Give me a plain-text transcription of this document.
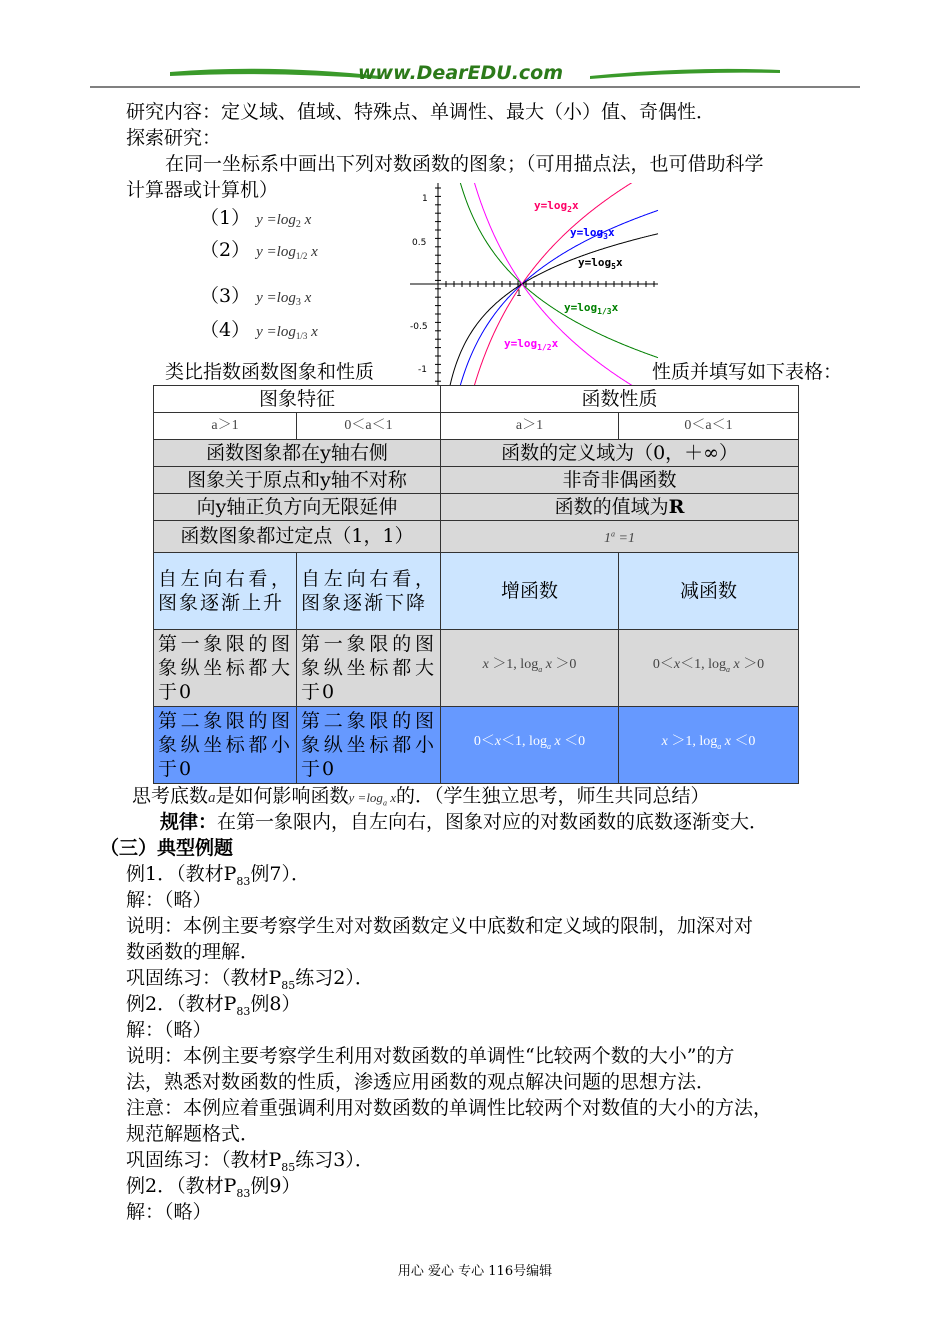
www.DearEDU.com
研究内容：定义域、值域、特殊点、单调性、最大（小）值、奇偶性．
探索研究：
在同一坐标系中画出下列对数函数的图象；（可用描点法，也可借助科学
计算器或计算机）
（1） $y =\log_2$ x
（2） $y =\log_{1/2}$ x
（3） $y =\log_3$ x
（4） $y =\log_{1/3}$ x
1
0.5
-0.5
-1
1
$y=\log_2x$
$y=\log_3x$
$y=\log_5x$
$y=\log_{1/3}x$
$y=\log_{1/2}x$
类比指数函数图象和性质	性质并填写如下表格：
图象特征		函数性质	
a＞1	0＜a＜1	a＞1	0＜a＜1
函数图象都在y轴右侧		函数的定义域为（0，＋∞）	
图象关于原点和y轴不对称		非奇非偶函数	
向y轴正负方向无限延伸		函数的值域为R	
函数图象都过定点（1，1）		$1^a =1$	
自左向右看，图象逐渐上升	自左向右看，图象逐渐下降	增函数	减函数
第一象限的图象纵坐标都大于0	第一象限的图象纵坐标都大于0	x ＞1, $\log_a x >0$	0＜x＜1, $\log_a x >0$
第二象限的图象纵坐标都小于0	第二象限的图象纵坐标都小于0	0＜x＜1, $\log_a x <0$	x ＞1, $\log_a x <0$
思考底数a是如何影响函数$y =\log_a$ x的．（学生独立思考，师生共同总结）
规律：在第一象限内，自左向右，图象对应的对数函数的底数逐渐变大．
（三）典型例题
例1．（教材$P_{83}$例7）．
解：（略）
说明：本例主要考察学生对对数函数定义中底数和定义域的限制，加深对对
数函数的理解．
巩固练习：（教材$P_{85}$练习2）．
例2．（教材$P_{83}$例8）
解：（略）
说明：本例主要考察学生利用对数函数的单调性“比较两个数的大小”的方
法，熟悉对数函数的性质，渗透应用函数的观点解决问题的思想方法．
注意：本例应着重强调利用对数函数的单调性比较两个对数值的大小的方法，
规范解题格式．
巩固练习：（教材$P_{85}$练习3）．
例2．（教材$P_{83}$例9）
解：（略）
用心 爱心 专心 116号编辑
